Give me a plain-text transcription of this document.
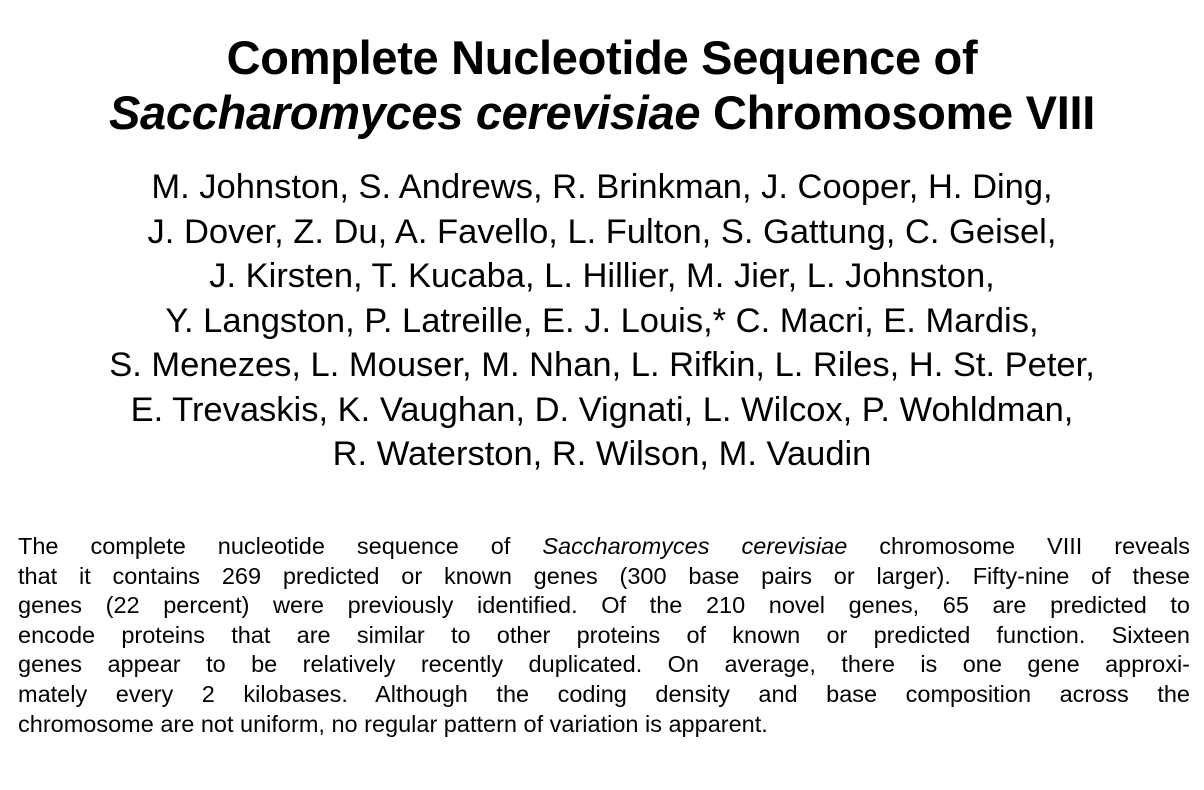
Complete Nucleotide Sequence of
Saccharomyces cerevisiae Chromosome VIII
M. Johnston, S. Andrews, R. Brinkman, J. Cooper, H. Ding,
J. Dover, Z. Du, A. Favello, L. Fulton, S. Gattung, C. Geisel,
J. Kirsten, T. Kucaba, L. Hillier, M. Jier, L. Johnston,
Y. Langston, P. Latreille, E. J. Louis,* C. Macri, E. Mardis,
S. Menezes, L. Mouser, M. Nhan, L. Rifkin, L. Riles, H. St. Peter,
E. Trevaskis, K. Vaughan, D. Vignati, L. Wilcox, P. Wohldman,
R. Waterston, R. Wilson, M. Vaudin
The complete nucleotide sequence of Saccharomyces cerevisiae chromosome VIII reveals
that it contains 269 predicted or known genes (300 base pairs or larger). Fifty-nine of these
genes (22 percent) were previously identified. Of the 210 novel genes, 65 are predicted to
encode proteins that are similar to other proteins of known or predicted function. Sixteen
genes appear to be relatively recently duplicated. On average, there is one gene approxi-
mately every 2 kilobases. Although the coding density and base composition across the
chromosome are not uniform, no regular pattern of variation is apparent.
